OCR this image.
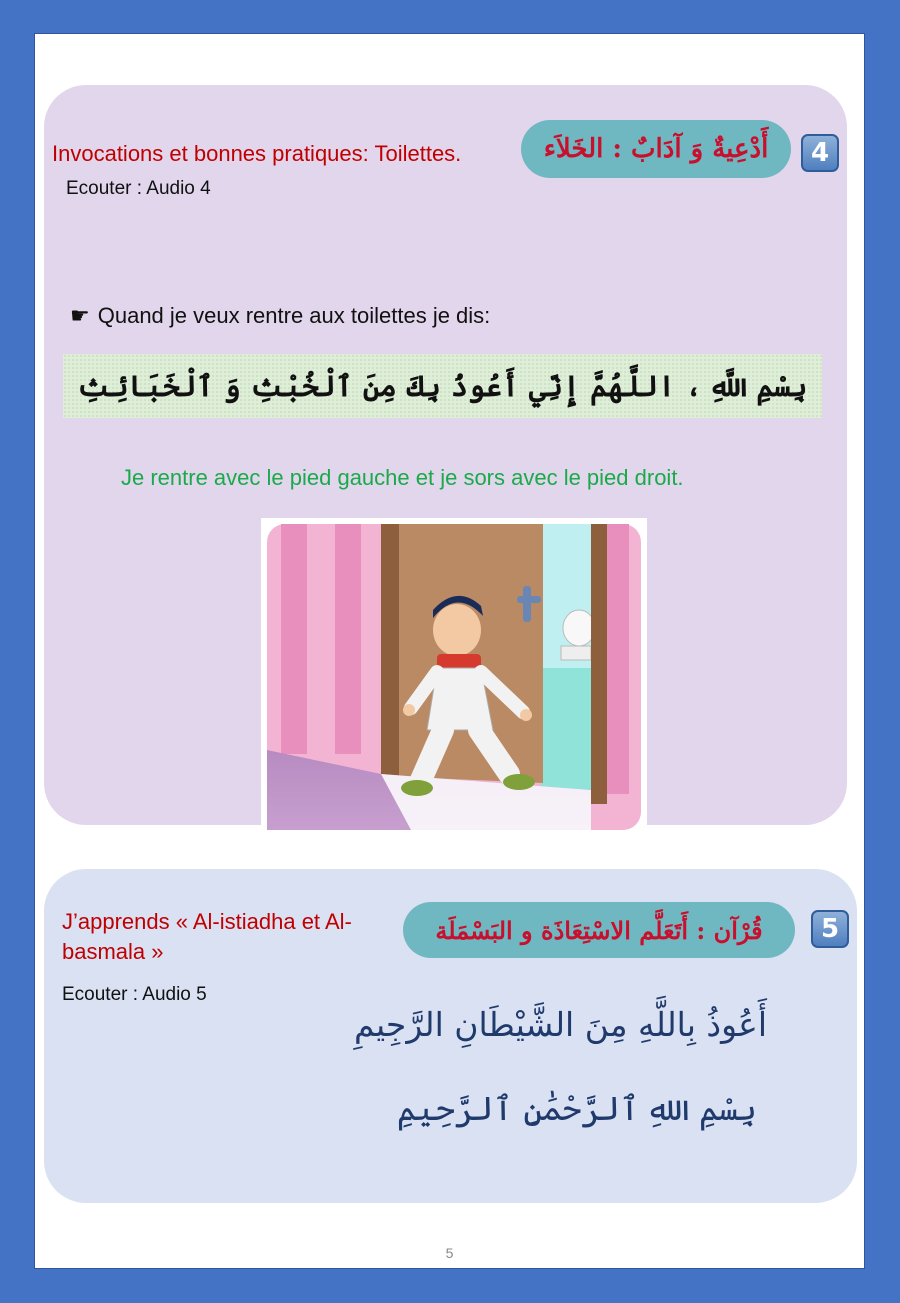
4
أَدْعِيةٌ وَ آدَابٌ : الخَلاَء
Invocations et bonnes pratiques: Toilettes.
Ecouter : Audio 4
☛ Quand je veux rentre aux toilettes je dis:
بِسْمِ اللَّهِ ، اللَّهُمَّ إِنِّي أَعُوذُ بِكَ مِنَ ٱلْخُبْثِ وَ ٱلْخَبَائِثِ
Je rentre avec le pied gauche et je sors avec le pied droit.
5
قُرْآن : أَتَعَلَّم الاسْتِعَاذَة و البَسْمَلَة
J’apprends « Al-istiadha et Al-basmala »
Ecouter : Audio 5
أَعُوذُ بِاللَّهِ مِنَ الشَّيْطَانِ الرَّجِيمِ
بِسْمِ اللهِ ٱلرَّحْمَٰنِ ٱلرَّحِيمِ
5
